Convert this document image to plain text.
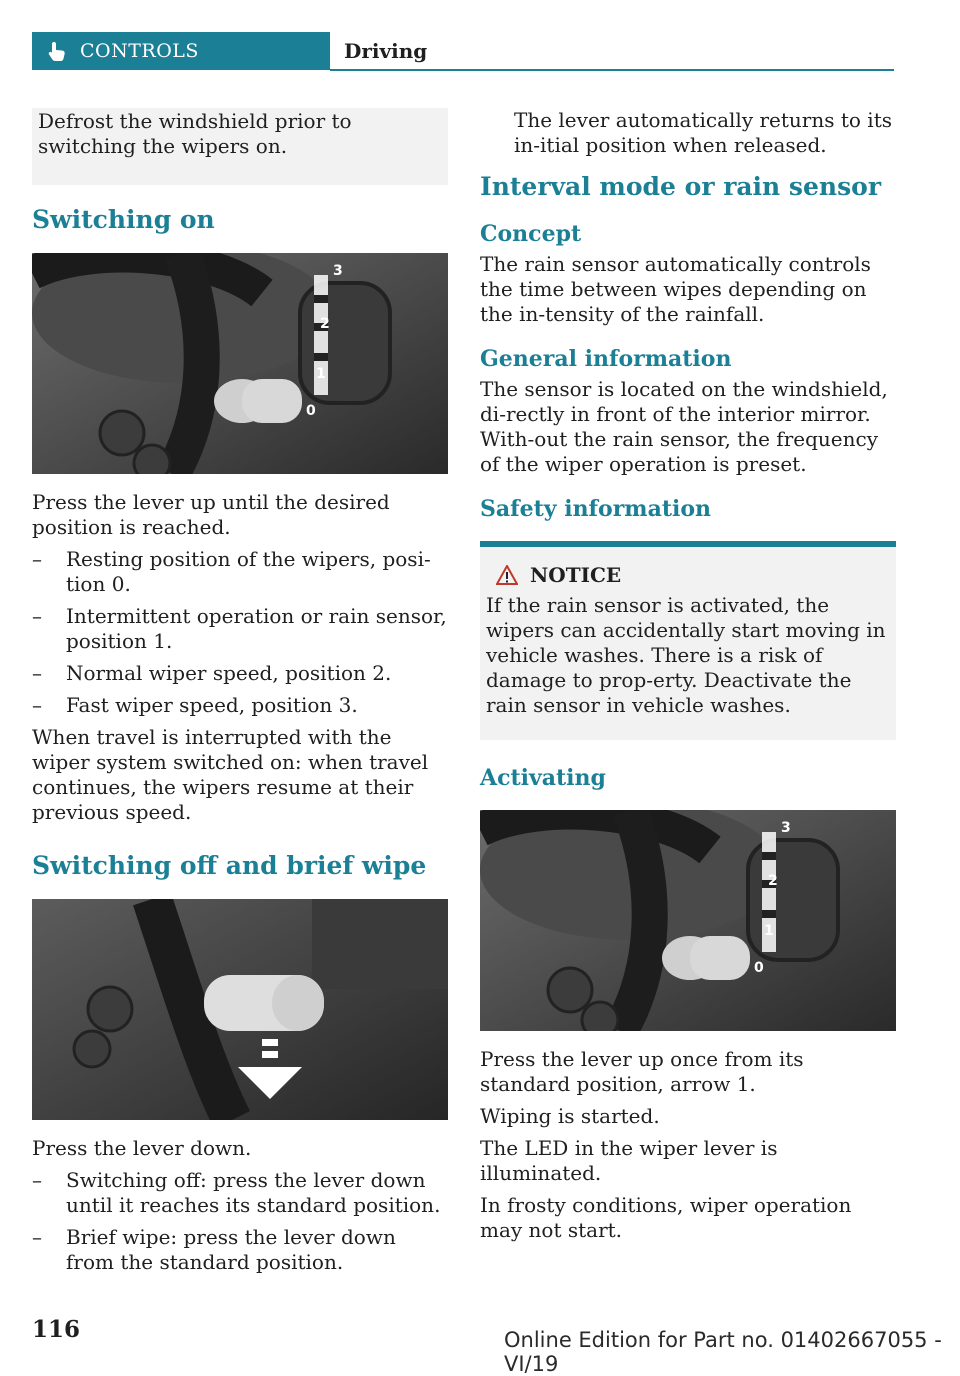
CONTROLS	Driving

Defrost the windshield prior to switching the wipers on.

Switching on
3
2
1
0

Press the lever up until the desired position is reached.

– Resting position of the wipers, posi-tion 0.
– Intermittent operation or rain sensor, position 1.
– Normal wiper speed, position 2.
– Fast wiper speed, position 3.

When travel is interrupted with the wiper system switched on: when travel continues, the wipers resume at their previous speed.

Switching off and brief wipe

Press the lever down.

– Switching off: press the lever down until it reaches its standard position.
– Brief wipe: press the lever down from the standard position.
The lever automatically returns to its in-itial position when released.
Interval mode or rain sensor
Concept

The rain sensor automatically controls the time between wipes depending on the in-tensity of the rainfall.

General information

The sensor is located on the windshield, di-rectly in front of the interior mirror. With-out the rain sensor, the frequency of the wiper operation is preset.

Safety information
NOTICE

If the rain sensor is activated, the wipers can accidentally start moving in vehicle washes. There is a risk of damage to prop-erty. Deactivate the rain sensor in vehicle washes.

Activating
3
2
1
0

Press the lever up once from its standard position, arrow 1.

Wiping is started.

The LED in the wiper lever is illuminated.

In frosty conditions, wiper operation may not start.

116	Online Edition for Part no. 01402667055 - VI/19
